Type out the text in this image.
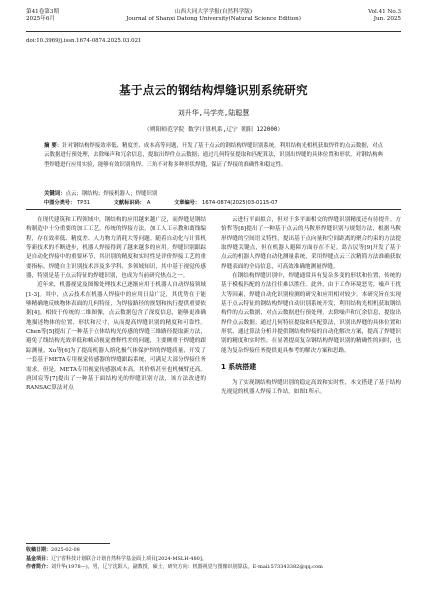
第41卷第3期
2025年6月
山西大同大学学报(自然科学版)
Journal of Shanxi Datong University(Natural Science Edition)
Vol.41 No.3
Jun. 2025
doi:10.3969/j.issn.1674-0874.2025.03.021
基于点云的钢结构焊缝识别系统研究
刘升华,马学亮,陆聪慧
（朔阳师范学院 数学计算机系,辽宁 朝阳 122000）
摘 要：针对钢结构焊接效率低、精度差、成本高等问题，开发了基于点云的钢结构焊缝识别系统。利用结构光相机获取焊件的点云数据，对点云数据进行预处理，去除噪声和冗余信息，提取出焊件点云数据；通过几何特征提取和匹配算法，识别出焊缝的具体位置和形状。对钢结构典型焊缝进行应用实验，能够有效识别角焊、三角不对称多种形状焊缝，保证了焊接的准确性和稳定性。
关键词：点云；钢结构；焊接机器人；焊缝识别
中图分类号： TP31	文献标识码： A	文章编号： 1674-0874(2025)03-0115-07

在现代建筑和工程领域中，钢结构的应用越来越广泛，而焊缝是钢结构制造中十分重要的加工工艺。传统的焊接方法，加工人工示教和离线编程，存在效率低、精度差、人力物力消耗大等问题。随着自动化与计算机等新技术的不断进步，机器人焊接得到了越来越多的应用。焊缝识别跟踪是自动化焊接中的重要环节，其识别的精度和实时性是评价焊接工艺的重要指标。焊缝自主识别技术涉及多学科、多领域知识，其中基于视觉传感器，特别是基于点云特征的焊缝识别，也成为当前研究热点之一。

近年来，机器视觉及图像处理技术已逐渐应用于机器人自动焊接领域[1-3]。其中，点云技术在机器人焊接中的应用日益广泛，其优势在于能够精确地反映物体表面的几何特征，为焊接路径的规划和执行提供重要依据[4]。相较于传统的二维图像，点云数据包含了深度信息，能够更准确地描述物体的位置、形状和尺寸，从而提高焊缝识别的精度和可靠性。Chen等[5]提出了一种基于立体结构光传感的焊缝三维路径提取新方法，避免了线结构光效率低和帧动视觉叠释性差的问题，主要侧重于焊缝的跟踪测量。Xu等[6]为了提高机器人熔化极气体保护焊的焊缝质量，开发了一套基于META专用视觉传感器的焊缝跟踪系统，可满足大部分焊接任务需求。但是，META专用视觉传感器成本高，其价格甚至也机械臂还高。唐国宸等[7]提出了一种基于面结构光的焊缝识别方法，该方法改进的RANSAC算法对点

云进行平面拟合，但对于多平面相交的焊缝识别精度还有待提升。方怡哲等[8]提出了一种基于点云的马鞍形焊缝识别与规划方法，根据马鞍形焊缝的空间语义特性，提出基于点向量和空间距离的聚合约束的方法提取焊缝关键点，但在机器人避障方面存在不足。葛吉民等[9]开发了基于点云的机器人焊缝自动化测量系统，采用焊缝点云三次精简方法准确获取焊缝表面的全局信息，可高效准确地测量焊缝。

在钢结构焊缝识别中，焊缝通常具有复杂多变的形状和位置，传统的基于模板匹配的方法往往难以胜任。此外，由于工作环境恶劣，噪声干扰大等因素，焊缝自动化识别检测的研究和应用相对较少。本研究旨在实现基于点云特征的钢结构焊缝自动识别系统开发，利用结构光相机获取钢结构件的点云数据，对点云数据进行预处理，去除噪声和冗余信息，提取出焊件点云数据；通过几何特征提取和匹配算法，识别出焊缝的具体位置和形状，通过算法分析并提供钢结构焊接的自动化解决方案，提高了焊缝识别的精度和实时性，在显著提高复杂钢结构焊缝识别的精确性的同时，也能为复杂焊接任务提供更具参考的解决方案和思路。

1 系统搭建

为了实现钢结构焊缝识别的稳定高效和实时性，本文搭建了基于结构光视觉的机器人焊接工作站，如图1所示。

收稿日期：2025-02-08
基金项目：辽宁省科技计划联合计划自然科学基金面上项目[2024-MSLH-480]。
作者简介：刘升华(1978—)，男，辽宁沈阳人，副教授，硕士，研究方向：机器视觉与图像识别算法。E-mail:573343382@qq.com
